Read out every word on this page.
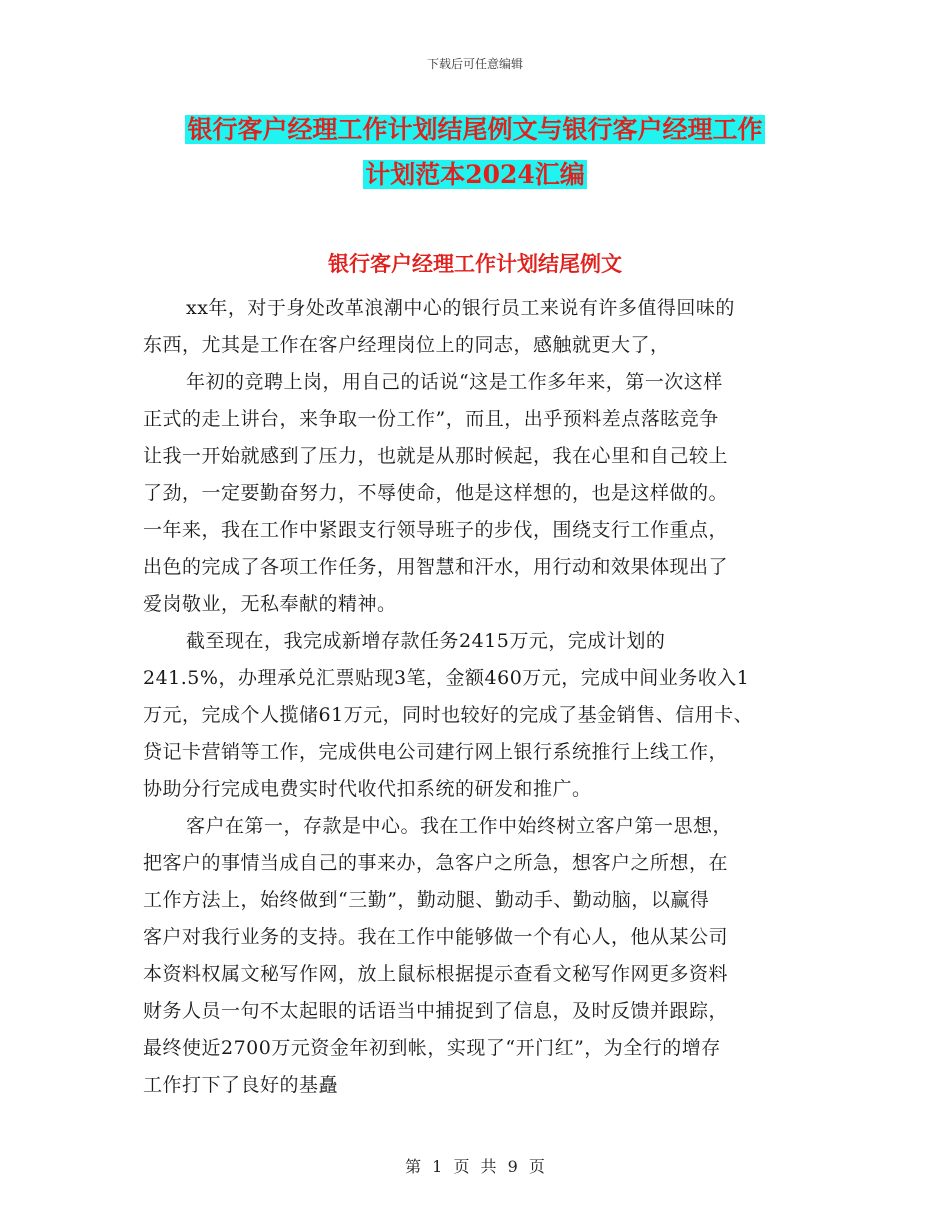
下载后可任意编辑
银行客户经理工作计划结尾例文与银行客户经理工作
计划范本2024汇编
银行客户经理工作计划结尾例文
xx年，对于身处改革浪潮中心的银行员工来说有许多值得回味的
东西，尤其是工作在客户经理岗位上的同志，感触就更大了，
年初的竞聘上岗，用自己的话说“这是工作多年来，第一次这样
正式的走上讲台，来争取一份工作”，而且，出乎预料差点落眩竞争
让我一开始就感到了压力，也就是从那时候起，我在心里和自己较上
了劲，一定要勤奋努力，不辱使命，他是这样想的，也是这样做的。
一年来，我在工作中紧跟支行领导班子的步伐，围绕支行工作重点，
出色的完成了各项工作任务，用智慧和汗水，用行动和效果体现出了
爱岗敬业，无私奉献的精神。
截至现在，我完成新增存款任务2415万元，完成计划的
241.5%，办理承兑汇票贴现3笔，金额460万元，完成中间业务收入1
万元，完成个人揽储61万元，同时也较好的完成了基金销售、信用卡、
贷记卡营销等工作，完成供电公司建行网上银行系统推行上线工作，
协助分行完成电费实时代收代扣系统的研发和推广。
客户在第一，存款是中心。我在工作中始终树立客户第一思想，
把客户的事情当成自己的事来办，急客户之所急，想客户之所想，在
工作方法上，始终做到“三勤”，勤动腿、勤动手、勤动脑，以赢得
客户对我行业务的支持。我在工作中能够做一个有心人，他从某公司
本资料权属文秘写作网，放上鼠标根据提示查看文秘写作网更多资料
财务人员一句不太起眼的话语当中捕捉到了信息，及时反馈并跟踪，
最终使近2700万元资金年初到帐，实现了“开门红”，为全行的增存
工作打下了良好的基矗
第 1 页 共 9 页
